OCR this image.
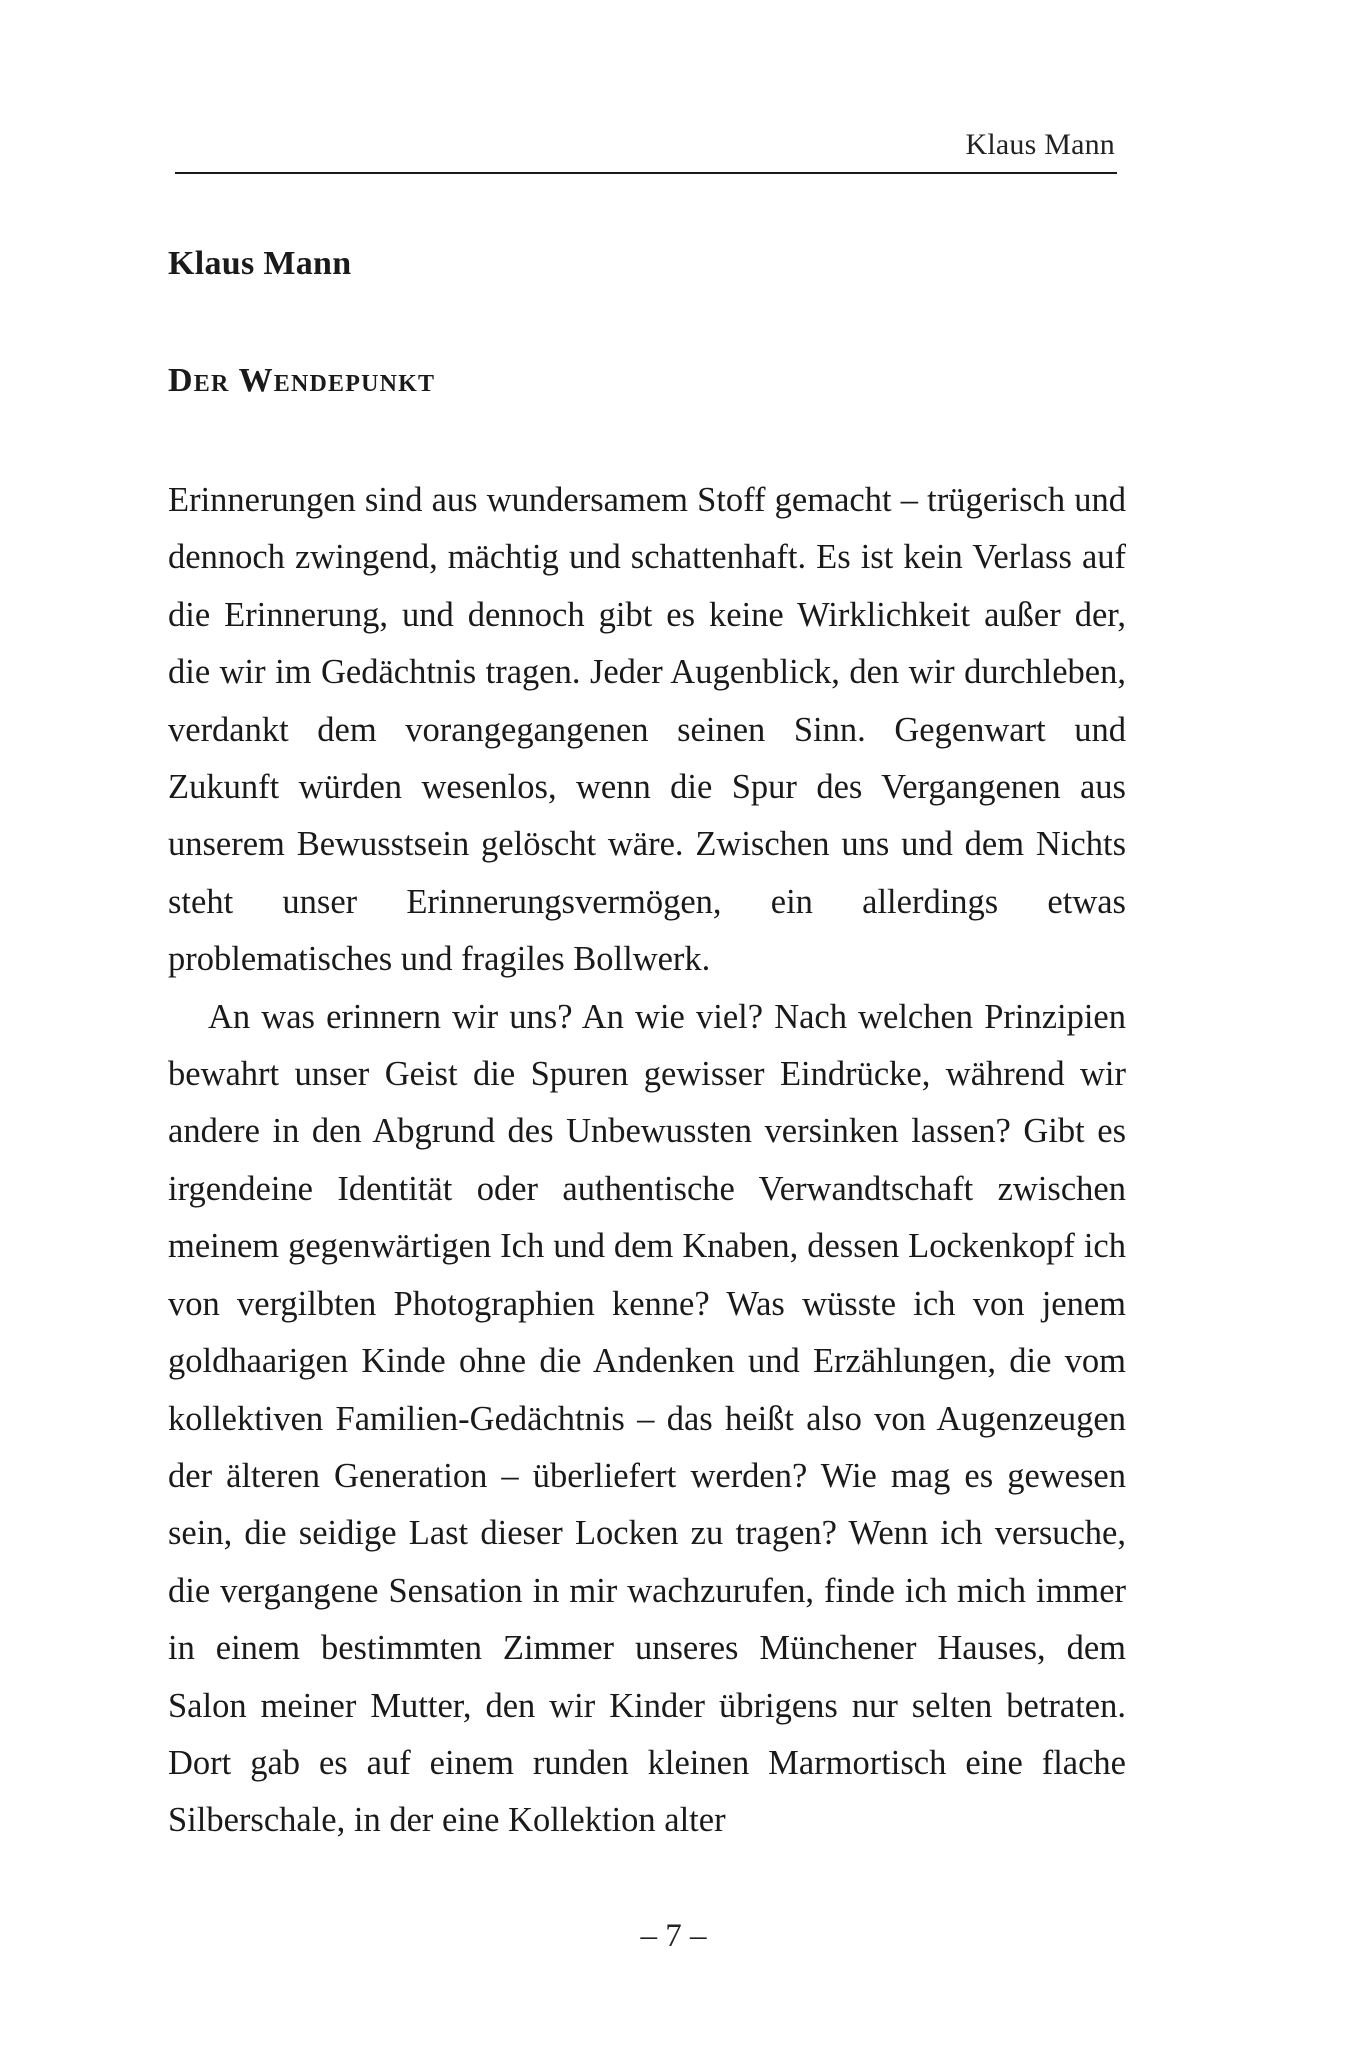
Klaus Mann
Klaus Mann
Der Wendepunkt

Erinnerungen sind aus wundersamem Stoff gemacht – trügerisch und dennoch zwingend, mächtig und schattenhaft. Es ist kein Verlass auf die Erinnerung, und dennoch gibt es keine Wirklichkeit außer der, die wir im Gedächtnis tragen. Jeder Augenblick, den wir durchleben, verdankt dem vorangegangenen seinen Sinn. Gegenwart und Zukunft würden wesenlos, wenn die Spur des Vergangenen aus unserem Bewusstsein gelöscht wäre. Zwischen uns und dem Nichts steht unser Erinnerungsvermögen, ein allerdings etwas problematisches und fragiles Bollwerk.

An was erinnern wir uns? An wie viel? Nach welchen Prinzipien bewahrt unser Geist die Spuren gewisser Eindrücke, während wir andere in den Abgrund des Unbewussten versinken lassen? Gibt es irgendeine Identität oder authentische Verwandtschaft zwischen meinem gegenwärtigen Ich und dem Knaben, dessen Lockenkopf ich von vergilbten Photographien kenne? Was wüsste ich von jenem goldhaarigen Kinde ohne die Andenken und Erzählungen, die vom kollektiven Familien-Gedächtnis – das heißt also von Augenzeugen der älteren Generation – überliefert werden? Wie mag es gewesen sein, die seidige Last dieser Locken zu tragen? Wenn ich versuche, die vergangene Sensation in mir wachzurufen, finde ich mich immer in einem bestimmten Zimmer unseres Münchener Hauses, dem Salon meiner Mutter, den wir Kinder übrigens nur selten betraten. Dort gab es auf einem runden kleinen Marmortisch eine flache Silberschale, in der eine Kollektion alter

– 7 –
